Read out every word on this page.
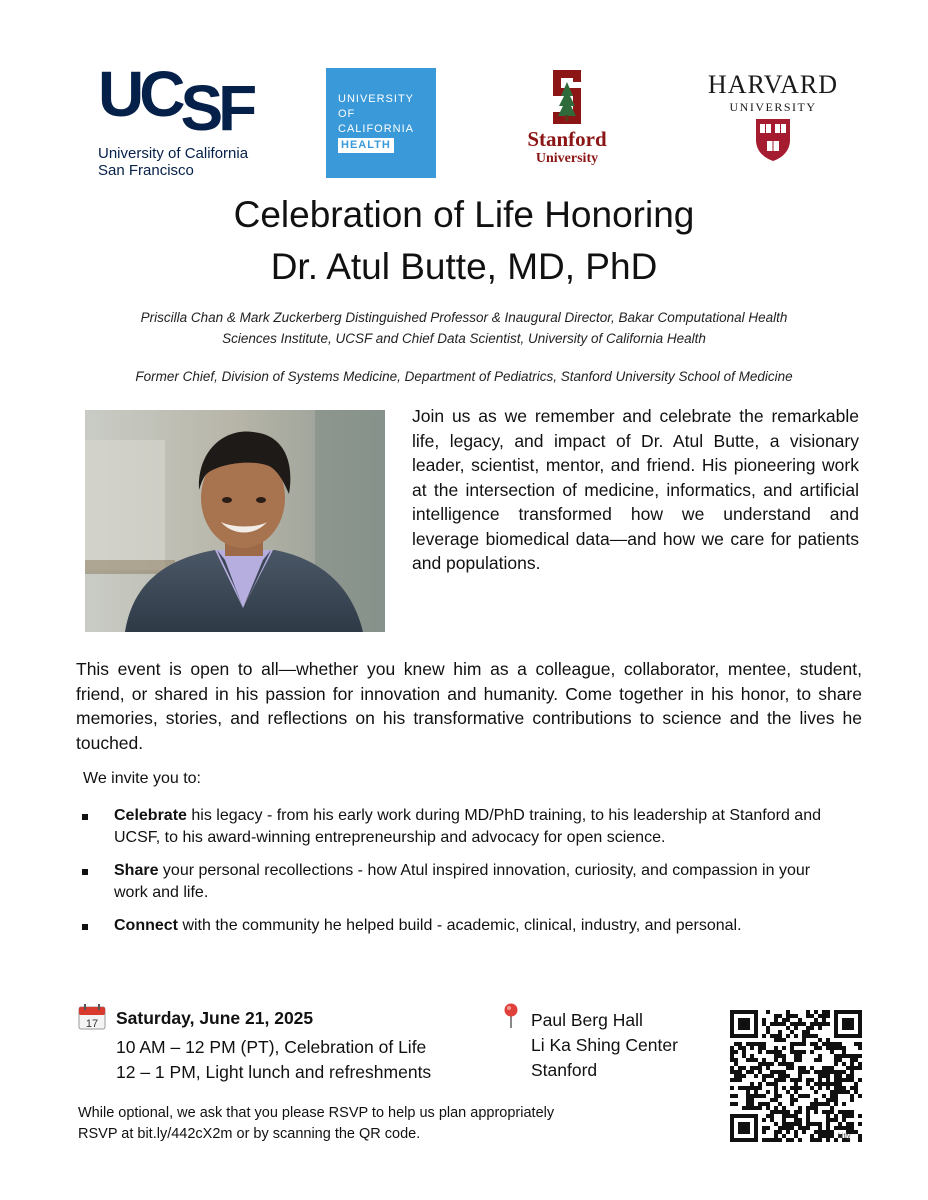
UCSF
University of California
San Francisco
UNIVERSITY
OF
CALIFORNIA
HEALTH	Stanford
University
HARVARD
UNIVERSITY
Celebration of Life Honoring
Dr. Atul Butte, MD, PhD
Priscilla Chan & Mark Zuckerberg Distinguished Professor & Inaugural Director, Bakar Computational Health
Sciences Institute, UCSF and Chief Data Scientist, University of California Health
Former Chief, Division of Systems Medicine, Department of Pediatrics, Stanford University School of Medicine
Join us as we remember and celebrate the remarkable life, legacy, and impact of Dr. Atul Butte, a visionary leader, scientist, mentor, and friend. His pioneering work at the intersection of medicine, informatics, and artificial intelligence transformed how we understand and leverage biomedical data—and how we care for patients and populations.
This event is open to all—whether you knew him as a colleague, collaborator, mentee, student, friend, or shared in his passion for innovation and humanity. Come together in his honor, to share memories, stories, and reflections on his transformative contributions to science and the lives he touched.
We invite you to:
Celebrate his legacy - from his early work during MD/PhD training, to his leadership at Stanford and UCSF, to his award-winning entrepreneurship and advocacy for open science.
Share your personal recollections - how Atul inspired innovation, curiosity, and compassion in your work and life.
Connect with the community he helped build - academic, clinical, industry, and personal.
17 Saturday, June 21, 2025
10 AM – 12 PM (PT), Celebration of Life
12 – 1 PM, Light lunch and refreshments
Paul Berg Hall
Li Ka Shing Center
Stanford
While optional, we ask that you please RSVP to help us plan appropriately
RSVP at bit.ly/442cX2m or by scanning the QR code.	bitly
